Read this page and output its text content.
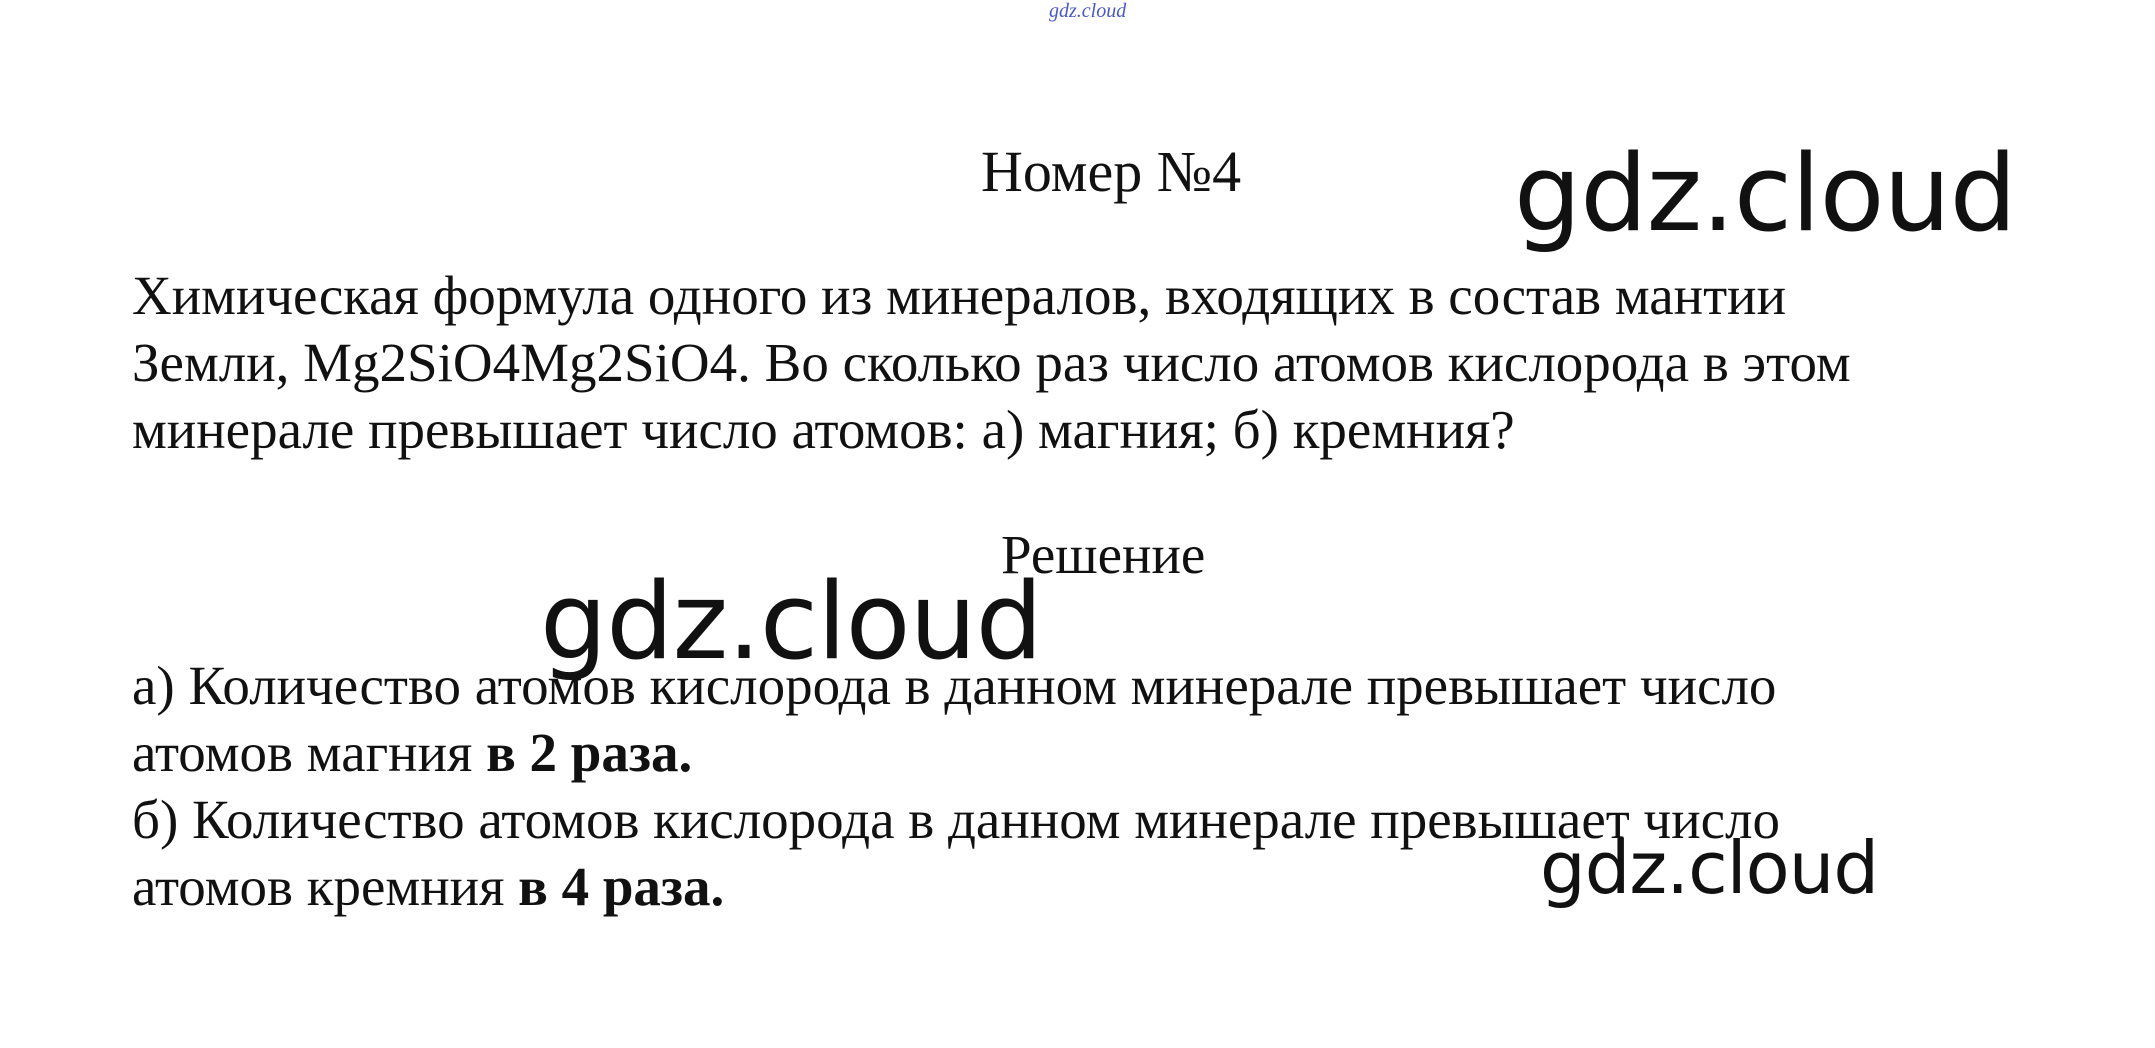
gdz.cloud
Номер №4

Химическая формула одного из минералов, входящих в состав мантии

Земли, Mg2SiO4Mg2SiO4. Во сколько раз число атомов кислорода в этом

минерале превышает число атомов: а) магния; б) кремния?

Решение

а) Количество атомов кислорода в данном минерале превышает число

атомов магния в 2 раза.

б) Количество атомов кислорода в данном минерале превышает число

атомов кремния в 4 раза.

gdz.cloud
gdz.cloud
gdz.cloud
